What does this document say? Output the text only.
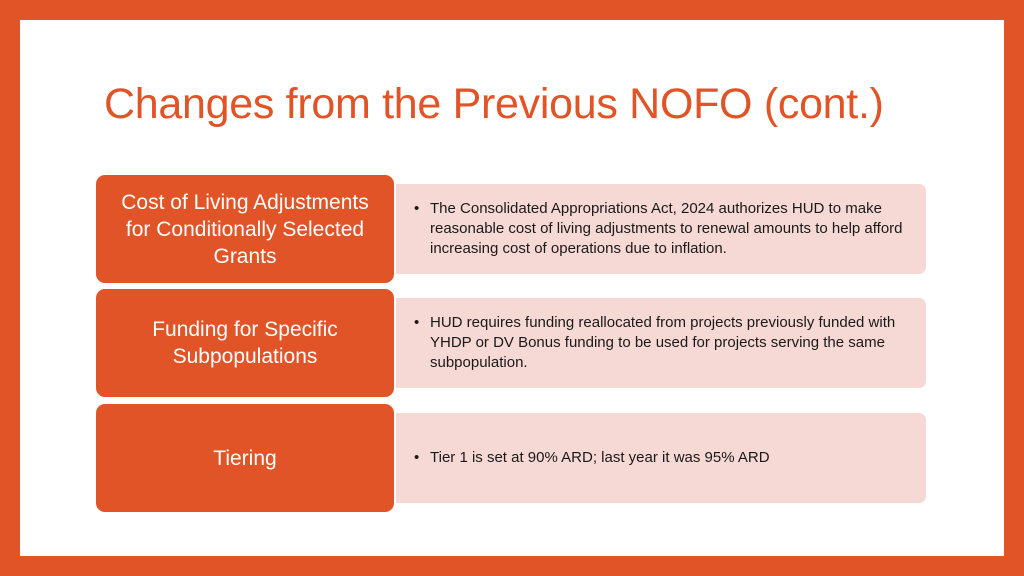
Changes from the Previous NOFO (cont.)
• The Consolidated Appropriations Act, 2024 authorizes HUD to make reasonable cost of living adjustments to renewal amounts to help afford increasing cost of operations due to inflation.
Cost of Living Adjustments for Conditionally Selected Grants
• HUD requires funding reallocated from projects previously funded with YHDP or DV Bonus funding to be used for projects serving the same subpopulation.
Funding for Specific Subpopulations
• Tier 1 is set at 90% ARD; last year it was 95% ARD
Tiering
